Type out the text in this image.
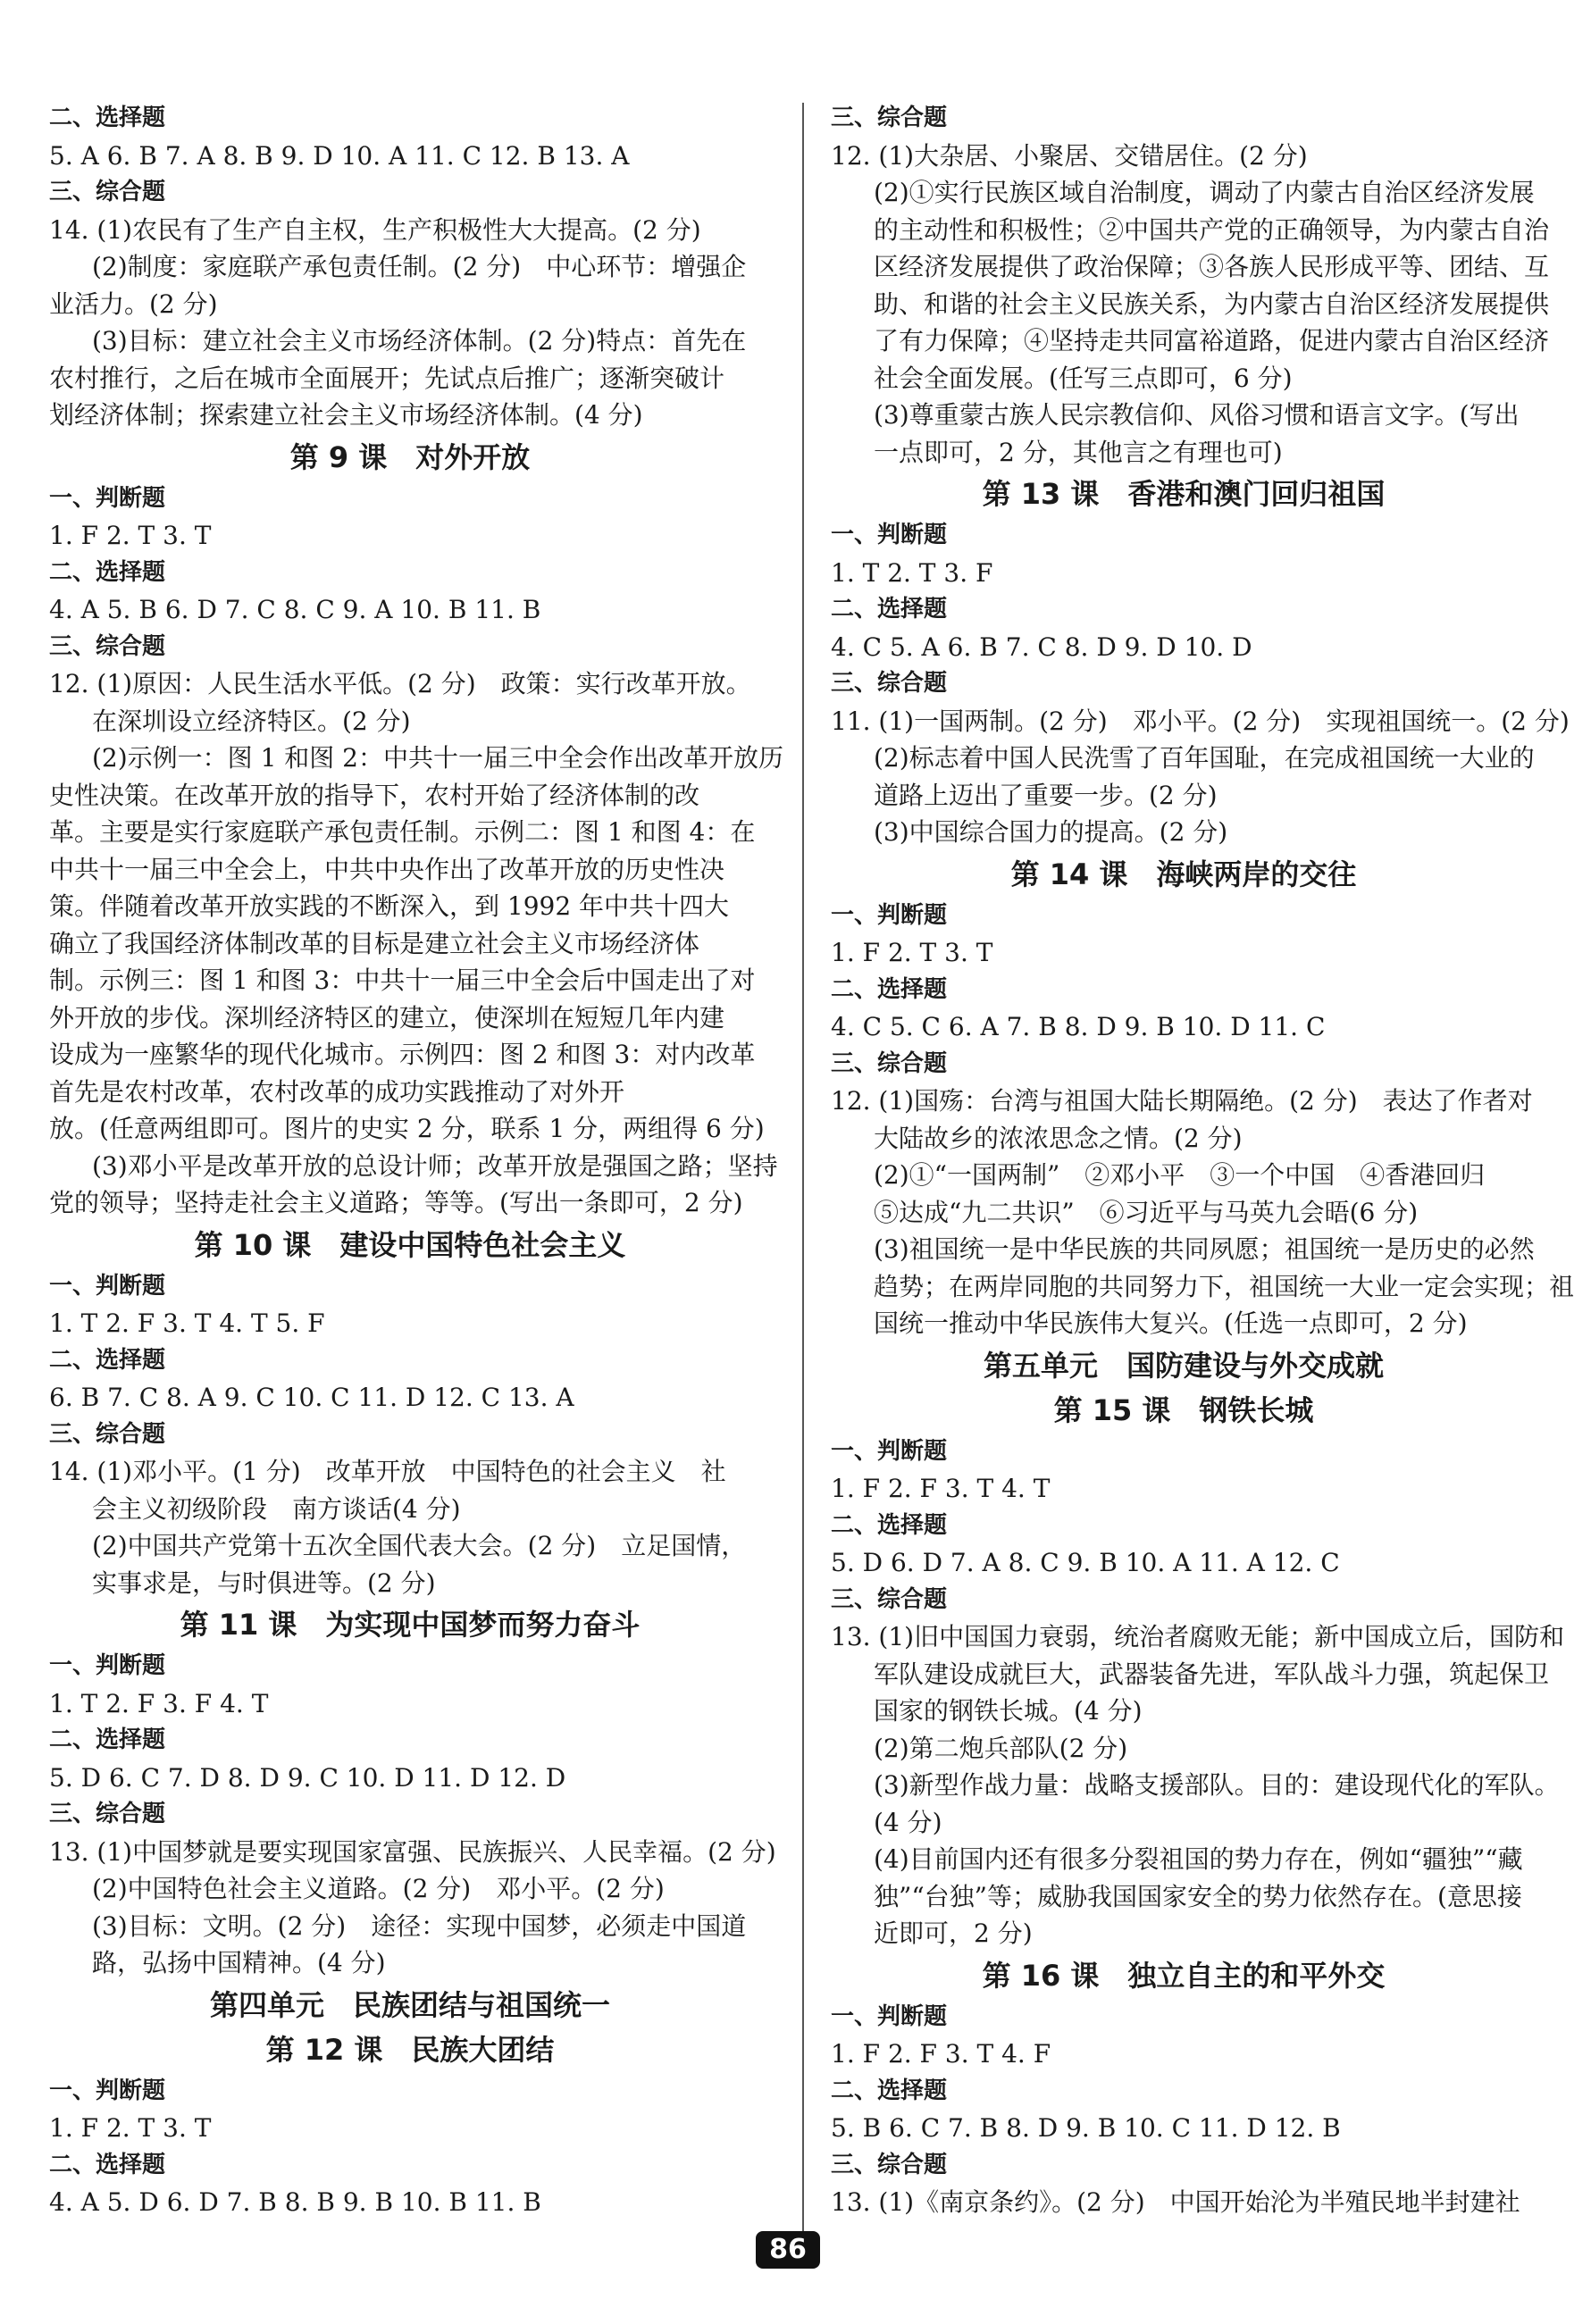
二、选择题
5. A 6. B 7. A 8. B 9. D 10. A 11. C 12. B 13. A
三、综合题
14. (1)农民有了生产自主权，生产积极性大大提高。(2 分)
(2)制度：家庭联产承包责任制。(2 分)　中心环节：增强企
业活力。(2 分)
(3)目标：建立社会主义市场经济体制。(2 分)特点：首先在
农村推行，之后在城市全面展开；先试点后推广；逐渐突破计
划经济体制；探索建立社会主义市场经济体制。(4 分)
第 9 课　对外开放
一、判断题
1. F 2. T 3. T
二、选择题
4. A 5. B 6. D 7. C 8. C 9. A 10. B 11. B
三、综合题
12. (1)原因：人民生活水平低。(2 分)　政策：实行改革开放。
在深圳设立经济特区。(2 分)
(2)示例一：图 1 和图 2：中共十一届三中全会作出改革开放历
史性决策。在改革开放的指导下，农村开始了经济体制的改
革。主要是实行家庭联产承包责任制。示例二：图 1 和图 4：在
中共十一届三中全会上，中共中央作出了改革开放的历史性决
策。伴随着改革开放实践的不断深入，到 1992 年中共十四大
确立了我国经济体制改革的目标是建立社会主义市场经济体
制。示例三：图 1 和图 3：中共十一届三中全会后中国走出了对
外开放的步伐。深圳经济特区的建立，使深圳在短短几年内建
设成为一座繁华的现代化城市。示例四：图 2 和图 3：对内改革
首先是农村改革，农村改革的成功实践推动了对外开
放。(任意两组即可。图片的史实 2 分，联系 1 分，两组得 6 分)
(3)邓小平是改革开放的总设计师；改革开放是强国之路；坚持
党的领导；坚持走社会主义道路；等等。(写出一条即可，2 分)
第 10 课　建设中国特色社会主义
一、判断题
1. T 2. F 3. T 4. T 5. F
二、选择题
6. B 7. C 8. A 9. C 10. C 11. D 12. C 13. A
三、综合题
14. (1)邓小平。(1 分)　改革开放　中国特色的社会主义　社
会主义初级阶段　南方谈话(4 分)
(2)中国共产党第十五次全国代表大会。(2 分)　立足国情，
实事求是，与时俱进等。(2 分)
第 11 课　为实现中国梦而努力奋斗
一、判断题
1. T 2. F 3. F 4. T
二、选择题
5. D 6. C 7. D 8. D 9. C 10. D 11. D 12. D
三、综合题
13. (1)中国梦就是要实现国家富强、民族振兴、人民幸福。(2 分)
(2)中国特色社会主义道路。(2 分)　邓小平。(2 分)
(3)目标：文明。(2 分)　途径：实现中国梦，必须走中国道
路，弘扬中国精神。(4 分)
第四单元　民族团结与祖国统一
第 12 课　民族大团结
一、判断题
1. F 2. T 3. T
二、选择题
4. A 5. D 6. D 7. B 8. B 9. B 10. B 11. B
三、综合题
12. (1)大杂居、小聚居、交错居住。(2 分)
(2)①实行民族区域自治制度，调动了内蒙古自治区经济发展
的主动性和积极性；②中国共产党的正确领导，为内蒙古自治
区经济发展提供了政治保障；③各族人民形成平等、团结、互
助、和谐的社会主义民族关系，为内蒙古自治区经济发展提供
了有力保障；④坚持走共同富裕道路，促进内蒙古自治区经济
社会全面发展。(任写三点即可，6 分)
(3)尊重蒙古族人民宗教信仰、风俗习惯和语言文字。(写出
一点即可，2 分，其他言之有理也可)
第 13 课　香港和澳门回归祖国
一、判断题
1. T 2. T 3. F
二、选择题
4. C 5. A 6. B 7. C 8. D 9. D 10. D
三、综合题
11. (1)一国两制。(2 分)　邓小平。(2 分)　实现祖国统一。(2 分)
(2)标志着中国人民洗雪了百年国耻，在完成祖国统一大业的
道路上迈出了重要一步。(2 分)
(3)中国综合国力的提高。(2 分)
第 14 课　海峡两岸的交往
一、判断题
1. F 2. T 3. T
二、选择题
4. C 5. C 6. A 7. B 8. D 9. B 10. D 11. C
三、综合题
12. (1)国殇：台湾与祖国大陆长期隔绝。(2 分)　表达了作者对
大陆故乡的浓浓思念之情。(2 分)
(2)①“一国两制”　②邓小平　③一个中国　④香港回归
⑤达成“九二共识”　⑥习近平与马英九会晤(6 分)
(3)祖国统一是中华民族的共同夙愿；祖国统一是历史的必然
趋势；在两岸同胞的共同努力下，祖国统一大业一定会实现；祖
国统一推动中华民族伟大复兴。(任选一点即可，2 分)
第五单元　国防建设与外交成就
第 15 课　钢铁长城
一、判断题
1. F 2. F 3. T 4. T
二、选择题
5. D 6. D 7. A 8. C 9. B 10. A 11. A 12. C
三、综合题
13. (1)旧中国国力衰弱，统治者腐败无能；新中国成立后，国防和
军队建设成就巨大，武器装备先进，军队战斗力强，筑起保卫
国家的钢铁长城。(4 分)
(2)第二炮兵部队(2 分)
(3)新型作战力量：战略支援部队。目的：建设现代化的军队。
(4 分)
(4)目前国内还有很多分裂祖国的势力存在，例如“疆独”“藏
独”“台独”等；威胁我国国家安全的势力依然存在。(意思接
近即可，2 分)
第 16 课　独立自主的和平外交
一、判断题
1. F 2. F 3. T 4. F
二、选择题
5. B 6. C 7. B 8. D 9. B 10. C 11. D 12. B
三、综合题
13. (1)《南京条约》。(2 分)　中国开始沦为半殖民地半封建社
86
